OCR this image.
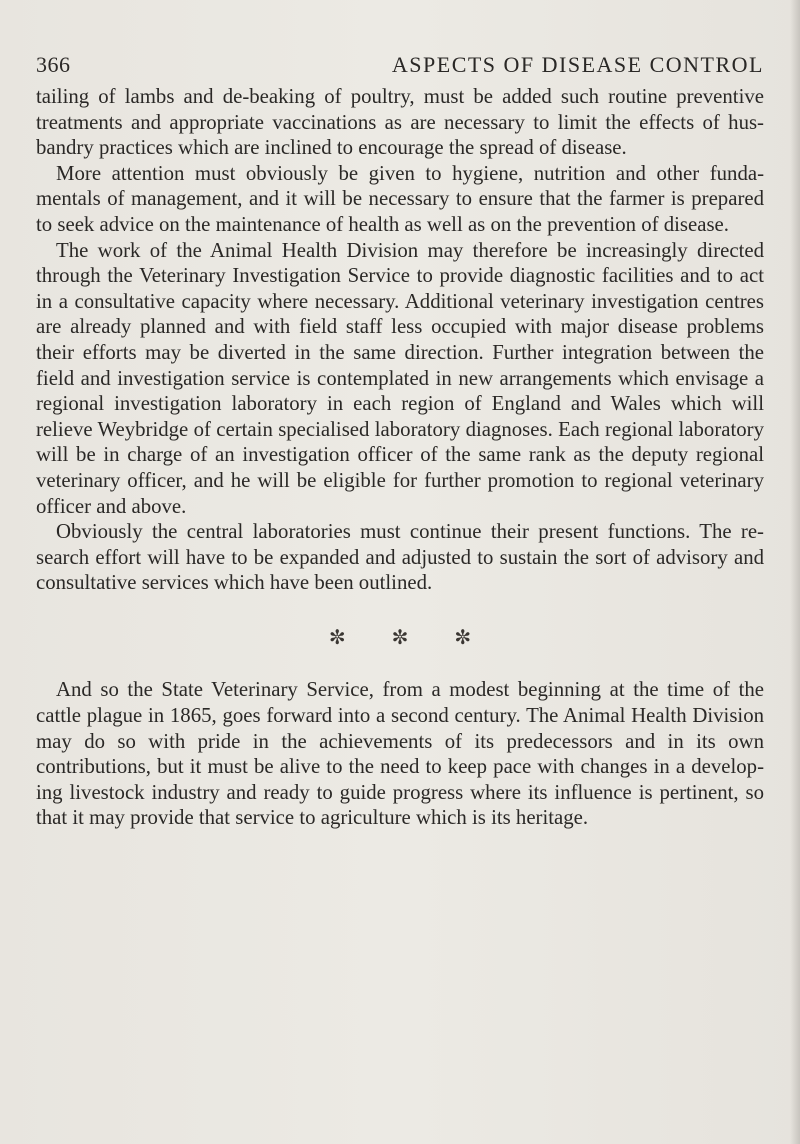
366	ASPECTS OF DISEASE CONTROL

tailing of lambs and de-beaking of poultry, must be added such routine preventive treatments and appropriate vaccinations as are necessary to limit the effects of hus-bandry practices which are inclined to encourage the spread of disease.

More attention must obviously be given to hygiene, nutrition and other funda-mentals of management, and it will be necessary to ensure that the farmer is prepared to seek advice on the maintenance of health as well as on the prevention of disease.

The work of the Animal Health Division may therefore be increasingly directed through the Veterinary Investigation Service to provide diagnostic facilities and to act in a consultative capacity where necessary. Additional veterinary investigation centres are already planned and with field staff less occupied with major disease problems their efforts may be diverted in the same direction. Further integration between the field and investigation service is contemplated in new arrangements which envisage a regional investigation laboratory in each region of England and Wales which will relieve Weybridge of certain specialised laboratory diagnoses. Each regional laboratory will be in charge of an investigation officer of the same rank as the deputy regional veterinary officer, and he will be eligible for further promotion to regional veterinary officer and above.

Obviously the central laboratories must continue their present functions. The re-search effort will have to be expanded and adjusted to sustain the sort of advisory and consultative services which have been outlined.

✼ ✼ ✼

And so the State Veterinary Service, from a modest beginning at the time of the cattle plague in 1865, goes forward into a second century. The Animal Health Division may do so with pride in the achievements of its predecessors and in its own contributions, but it must be alive to the need to keep pace with changes in a develop-ing livestock industry and ready to guide progress where its influence is pertinent, so that it may provide that service to agriculture which is its heritage.
